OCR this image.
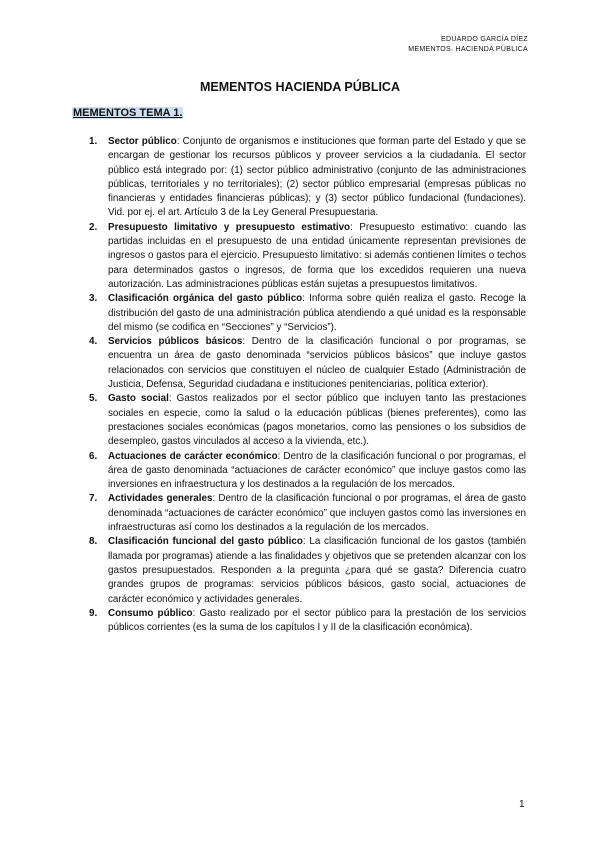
EDUARDO GARCÍA DÍEZ
MEMENTOS. HACIENDA PÚBLICA
MEMENTOS HACIENDA PÚBLICA
MEMENTOS TEMA 1.

1. Sector público: Conjunto de organismos e instituciones que forman parte del Estado y que se encargan de gestionar los recursos públicos y proveer servicios a la ciudadanía. El sector público está integrado por: (1) sector público administrativo (conjunto de las administraciones públicas, territoriales y no territoriales); (2) sector público empresarial (empresas públicas no financieras y entidades financieras públicas); y (3) sector público fundacional (fundaciones). Vid. por ej. el art. Artículo 3 de la Ley General Presupuestaria.

2. Presupuesto limitativo y presupuesto estimativo: Presupuesto estimativo: cuando las partidas incluidas en el presupuesto de una entidad únicamente representan previsiones de ingresos o gastos para el ejercicio. Presupuesto limitativo: si además contienen límites o techos para determinados gastos o ingresos, de forma que los excedidos requieren una nueva autorización. Las administraciones públicas están sujetas a presupuestos limitativos.

3. Clasificación orgánica del gasto público: Informa sobre quién realiza el gasto. Recoge la distribución del gasto de una administración pública atendiendo a qué unidad es la responsable del mismo (se codifica en “Secciones” y “Servicios”).

4. Servicios públicos básicos: Dentro de la clasificación funcional o por programas, se encuentra un área de gasto denominada “servicios públicos básicos” que incluye gastos relacionados con servicios que constituyen el núcleo de cualquier Estado (Administración de Justicia, Defensa, Seguridad ciudadana e instituciones penitenciarias, política exterior).

5. Gasto social: Gastos realizados por el sector público que incluyen tanto las prestaciones sociales en especie, como la salud o la educación públicas (bienes preferentes), como las prestaciones sociales económicas (pagos monetarios, como las pensiones o los subsidios de desempleo, gastos vinculados al acceso a la vivienda, etc.).

6. Actuaciones de carácter económico: Dentro de la clasificación funcional o por programas, el área de gasto denominada “actuaciones de carácter económico” que incluye gastos como las inversiones en infraestructura y los destinados a la regulación de los mercados.

7. Actividades generales: Dentro de la clasificación funcional o por programas, el área de gasto denominada “actuaciones de carácter económico” que incluyen gastos como las inversiones en infraestructuras así como los destinados a la regulación de los mercados.

8. Clasificación funcional del gasto público: La clasificación funcional de los gastos (también llamada por programas) atiende a las finalidades y objetivos que se pretenden alcanzar con los gastos presupuestados. Responden a la pregunta ¿para qué se gasta? Diferencia cuatro grandes grupos de programas: servicios públicos básicos, gasto social, actuaciones de carácter económico y actividades generales.

9. Consumo público: Gasto realizado por el sector público para la prestación de los servicios públicos corrientes (es la suma de los capítulos I y II de la clasificación económica).

1
